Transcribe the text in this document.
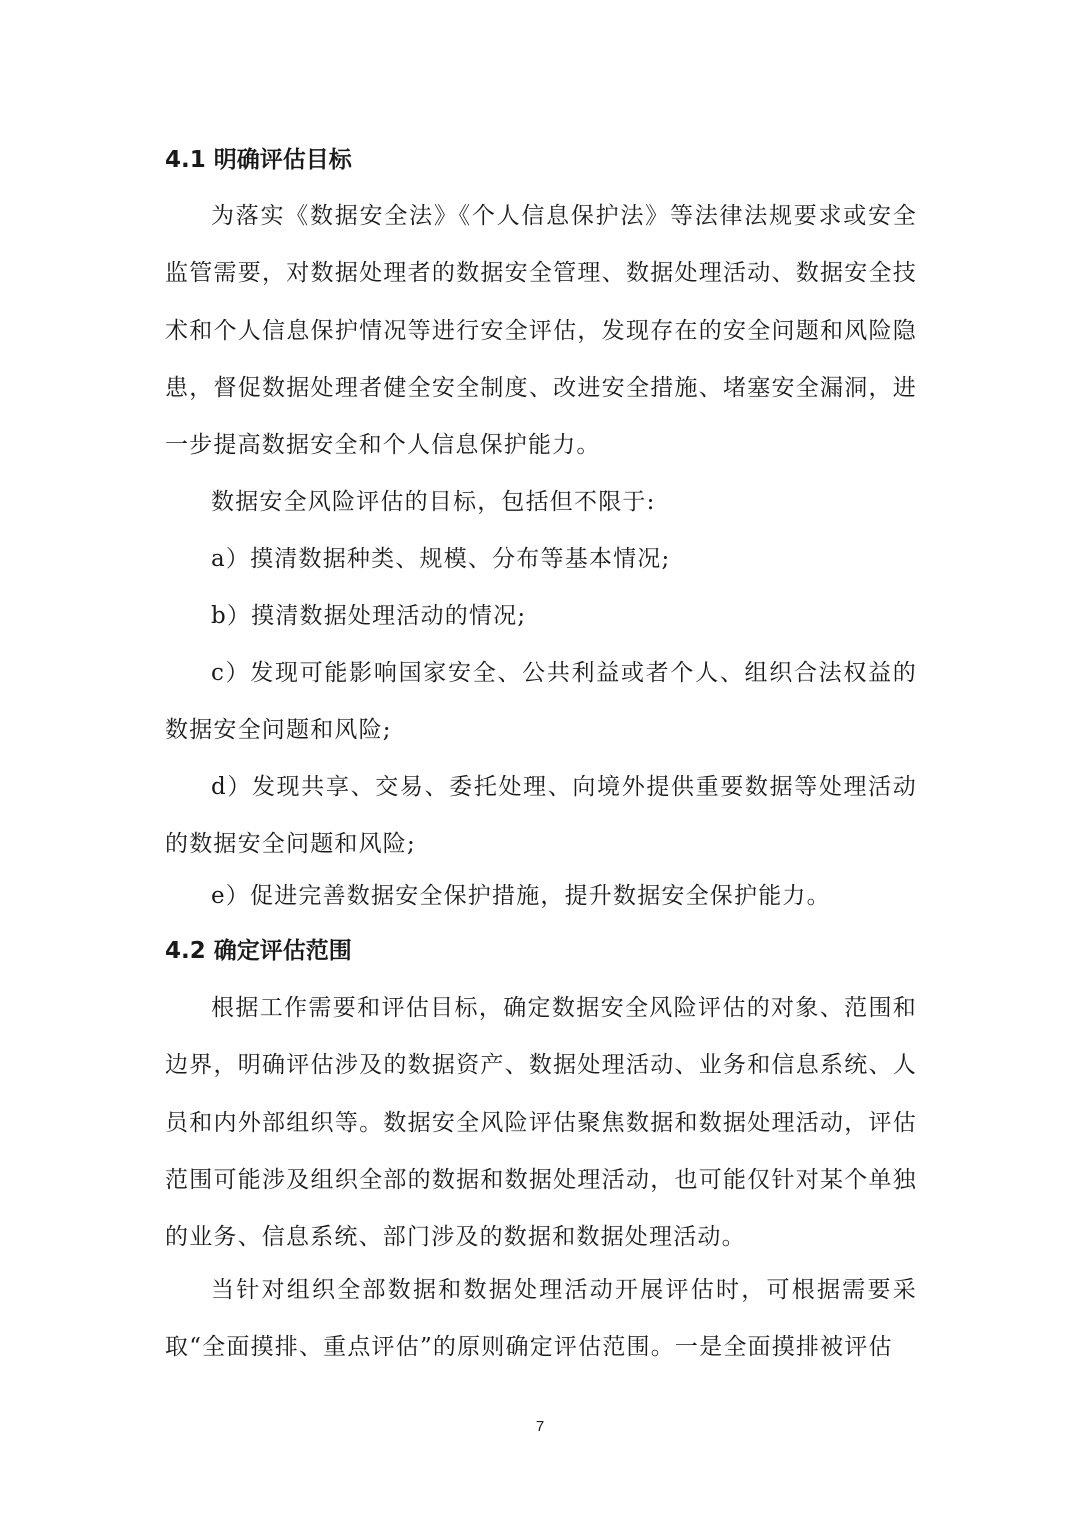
4.1 明确评估目标

为落实《数据安全法》《个人信息保护法》等法律法规要求或安全监管需要，对数据处理者的数据安全管理、数据处理活动、数据安全技术和个人信息保护情况等进行安全评估，发现存在的安全问题和风险隐患，督促数据处理者健全安全制度、改进安全措施、堵塞安全漏洞，进一步提高数据安全和个人信息保护能力。

数据安全风险评估的目标，包括但不限于:

a）摸清数据种类、规模、分布等基本情况;

b）摸清数据处理活动的情况;

c）发现可能影响国家安全、公共利益或者个人、组织合法权益的数据安全问题和风险;

d）发现共享、交易、委托处理、向境外提供重要数据等处理活动的数据安全问题和风险;

e）促进完善数据安全保护措施，提升数据安全保护能力。

4.2 确定评估范围

根据工作需要和评估目标，确定数据安全风险评估的对象、范围和边界，明确评估涉及的数据资产、数据处理活动、业务和信息系统、人员和内外部组织等。数据安全风险评估聚焦数据和数据处理活动，评估范围可能涉及组织全部的数据和数据处理活动，也可能仅针对某个单独的业务、信息系统、部门涉及的数据和数据处理活动。

当针对组织全部数据和数据处理活动开展评估时，可根据需要采取“全面摸排、重点评估”的原则确定评估范围。一是全面摸排被评估

7
